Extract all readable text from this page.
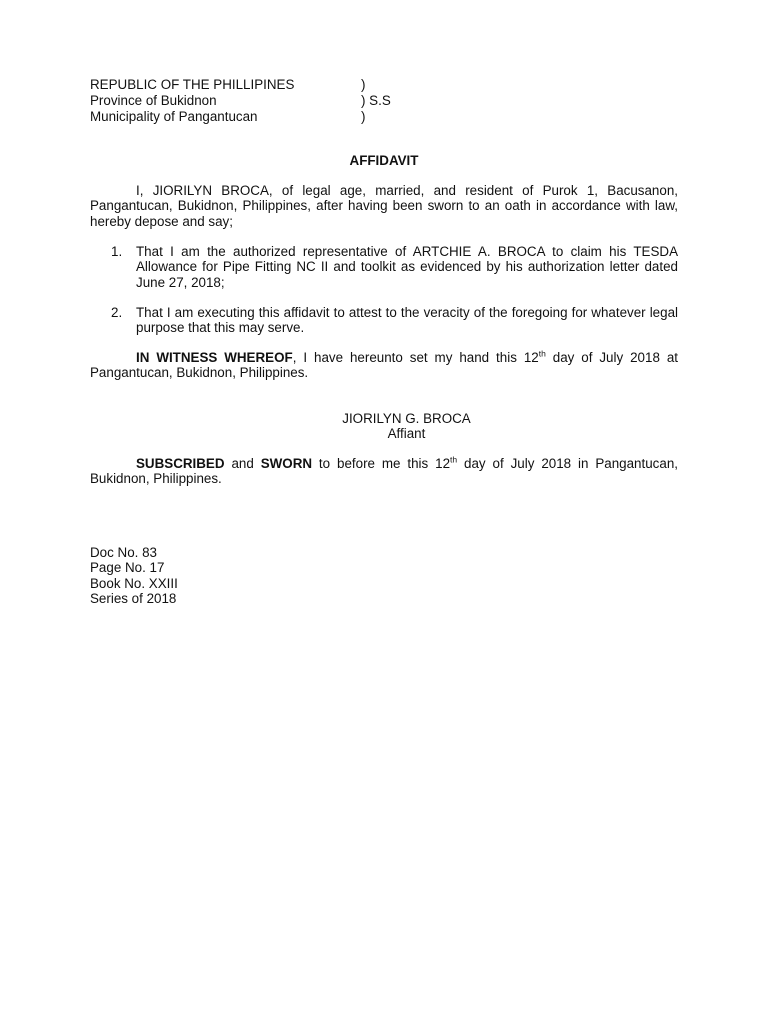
REPUBLIC OF THE PHILLIPINES	)
Province of Bukidnon	) S.S
Municipality of Pangantucan	)
AFFIDAVIT
I, JIORILYN BROCA, of legal age, married, and resident of Purok 1, Bacusanon, Pangantucan, Bukidnon, Philippines, after having been sworn to an oath in accordance with law, hereby depose and say;
1. That I am the authorized representative of ARTCHIE A. BROCA to claim his TESDA Allowance for Pipe Fitting NC II and toolkit as evidenced by his authorization letter dated June 27, 2018;
2. That I am executing this affidavit to attest to the veracity of the foregoing for whatever legal purpose that this may serve.
IN WITNESS WHEREOF, I have hereunto set my hand this 12th day of July 2018 at Pangantucan, Bukidnon, Philippines.
JIORILYN G. BROCA
Affiant
SUBSCRIBED and SWORN to before me this 12th day of July 2018 in Pangantucan, Bukidnon, Philippines.
Doc No. 83
Page No. 17
Book No. XXIII
Series of 2018
